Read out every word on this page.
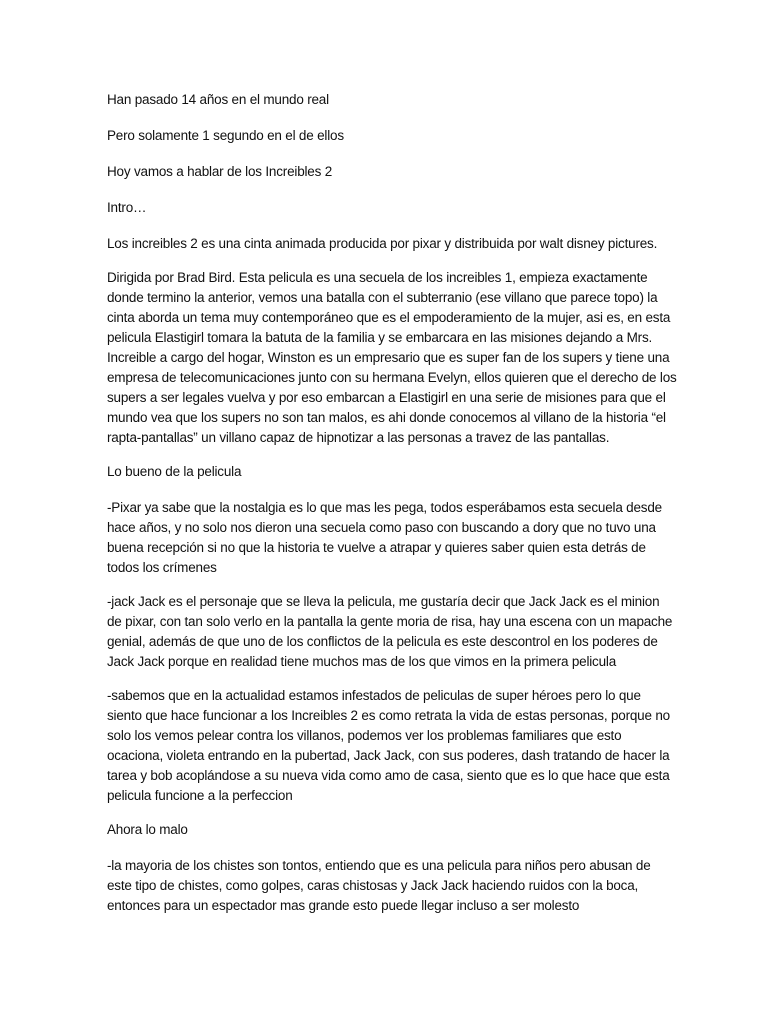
Han pasado 14 años en el mundo real

Pero solamente 1 segundo en el de ellos

Hoy vamos a hablar de los Increibles 2

Intro…

Los increibles 2 es una cinta animada producida por pixar y distribuida por walt disney pictures.

Dirigida por Brad Bird. Esta pelicula es una secuela de los increibles 1, empieza exactamente donde termino la anterior, vemos una batalla con el subterranio (ese villano que parece topo) la cinta aborda un tema muy contemporáneo que es el empoderamiento de la mujer, asi es, en esta pelicula Elastigirl tomara la batuta de la familia y se embarcara en las misiones dejando a Mrs. Increible a cargo del hogar, Winston es un empresario que es super fan de los supers y tiene una empresa de telecomunicaciones junto con su hermana Evelyn, ellos quieren que el derecho de los supers a ser legales vuelva y por eso embarcan a Elastigirl en una serie de misiones para que el mundo vea que los supers no son tan malos, es ahi donde conocemos al villano de la historia “el rapta-pantallas” un villano capaz de hipnotizar a las personas a travez de las pantallas.

Lo bueno de la pelicula

-Pixar ya sabe que la nostalgia es lo que mas les pega, todos esperábamos esta secuela desde hace años, y no solo nos dieron una secuela como paso con buscando a dory que no tuvo una buena recepción si no que la historia te vuelve a atrapar y quieres saber quien esta detrás de todos los crímenes

-jack Jack es el personaje que se lleva la pelicula, me gustaría decir que Jack Jack es el minion de pixar, con tan solo verlo en la pantalla la gente moria de risa, hay una escena con un mapache genial, además de que uno de los conflictos de la pelicula es este descontrol en los poderes de Jack Jack porque en realidad tiene muchos mas de los que vimos en la primera pelicula

-sabemos que en la actualidad estamos infestados de peliculas de super héroes pero lo que siento que hace funcionar a los Increibles 2 es como retrata la vida de estas personas, porque no solo los vemos pelear contra los villanos, podemos ver los problemas familiares que esto ocaciona, violeta entrando en la pubertad, Jack Jack, con sus poderes, dash tratando de hacer la tarea y bob acoplándose a su nueva vida como amo de casa, siento que es lo que hace que esta pelicula funcione a la perfeccion

Ahora lo malo

-la mayoria de los chistes son tontos, entiendo que es una pelicula para niños pero abusan de este tipo de chistes, como golpes, caras chistosas y Jack Jack haciendo ruidos con la boca, entonces para un espectador mas grande esto puede llegar incluso a ser molesto
